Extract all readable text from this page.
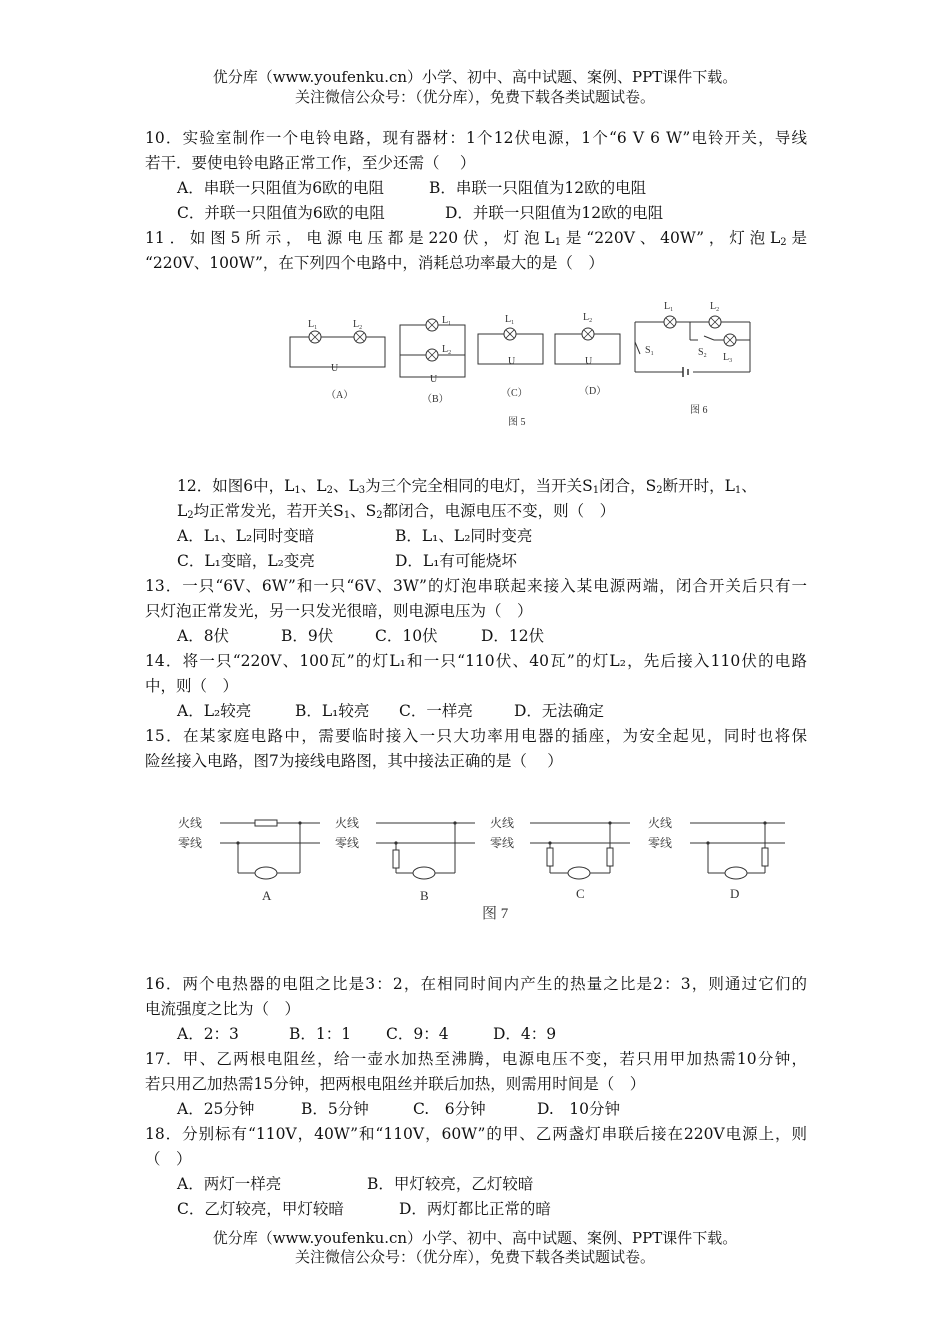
优分库（www.youfenku.cn）小学、初中、高中试题、案例、PPT课件下载。
关注微信公众号：（优分库），免费下载各类试题试卷。
10．实验室制作一个电铃电路，现有器材：1个12伏电源，1个“6 V 6 W”电铃开关，导线
若干．要使电铃电路正常工作，至少还需（　 ）
A．串联一只阻值为6欧的电阻	B．串联一只阻值为12欧的电阻
C．并联一只阻值为6欧的电阻	D．并联一只阻值为12欧的电阻
11．如图5所示，电源电压都是220伏，灯泡$L_1$是“220V、40W”，灯泡$L_2$是
“220V、100W”，在下列四个电路中，消耗总功率最大的是（　）
$L_1$	$L_2$
U
（A）
$L_1$
$L_2$
U
（B）
$L_1$
U
（C）
$L_2$
U
（D）
图 5
$L_1$	$L_2$
$S_1$	$S_2$ $L_3$
图 6
12．如图6中，$L_1$、$L_2$、$L_3$为三个完全相同的电灯，当开关$S_1$闭合，$S_2$断开时，$L_1$、
$L_2$均正常发光，若开关$S_1$、$S_2$都闭合，电源电压不变，则（　）
A．L₁、L₂同时变暗	B．L₁、L₂同时变亮
C．L₁变暗，L₂变亮	D．L₁有可能烧坏
13．一只“6V、6W”和一只“6V、3W”的灯泡串联起来接入某电源两端，闭合开关后只有一
只灯泡正常发光，另一只发光很暗，则电源电压为（　）
A．8伏	B．9伏	C．10伏	D．12伏
14．将一只“220V、100瓦”的灯L₁和一只“110伏、40瓦”的灯L₂，先后接入110伏的电路
中，则（　）
A．L₂较亮	B．L₁较亮 C．一样亮	D．无法确定
15．在某家庭电路中，需要临时接入一只大功率用电器的插座，为安全起见，同时也将保
险丝接入电路，图7为接线电路图，其中接法正确的是（　 ）
火线
零线
火线
零线
火线
零线
火线
零线
A	B	C	D
图 7
16．两个电热器的电阻之比是3：2，在相同时间内产生的热量之比是2：3，则通过它们的
电流强度之比为（　）
A．2：3	B．1：1 C．9：4	D．4：9
17．甲、乙两根电阻丝，给一壶水加热至沸腾，电源电压不变，若只用甲加热需10分钟，
若只用乙加热需15分钟，把两根电阻丝并联后加热，则需用时间是（　）
A．25分钟	B．5分钟	C.　6分钟	D.　10分钟
18．分别标有“110V，40W”和“110V，60W”的甲、乙两盏灯串联后接在220V电源上，则
（　）
A．两灯一样亮	B．甲灯较亮，乙灯较暗
C．乙灯较亮，甲灯较暗	D．两灯都比正常的暗
优分库（www.youfenku.cn）小学、初中、高中试题、案例、PPT课件下载。
关注微信公众号：（优分库），免费下载各类试题试卷。
